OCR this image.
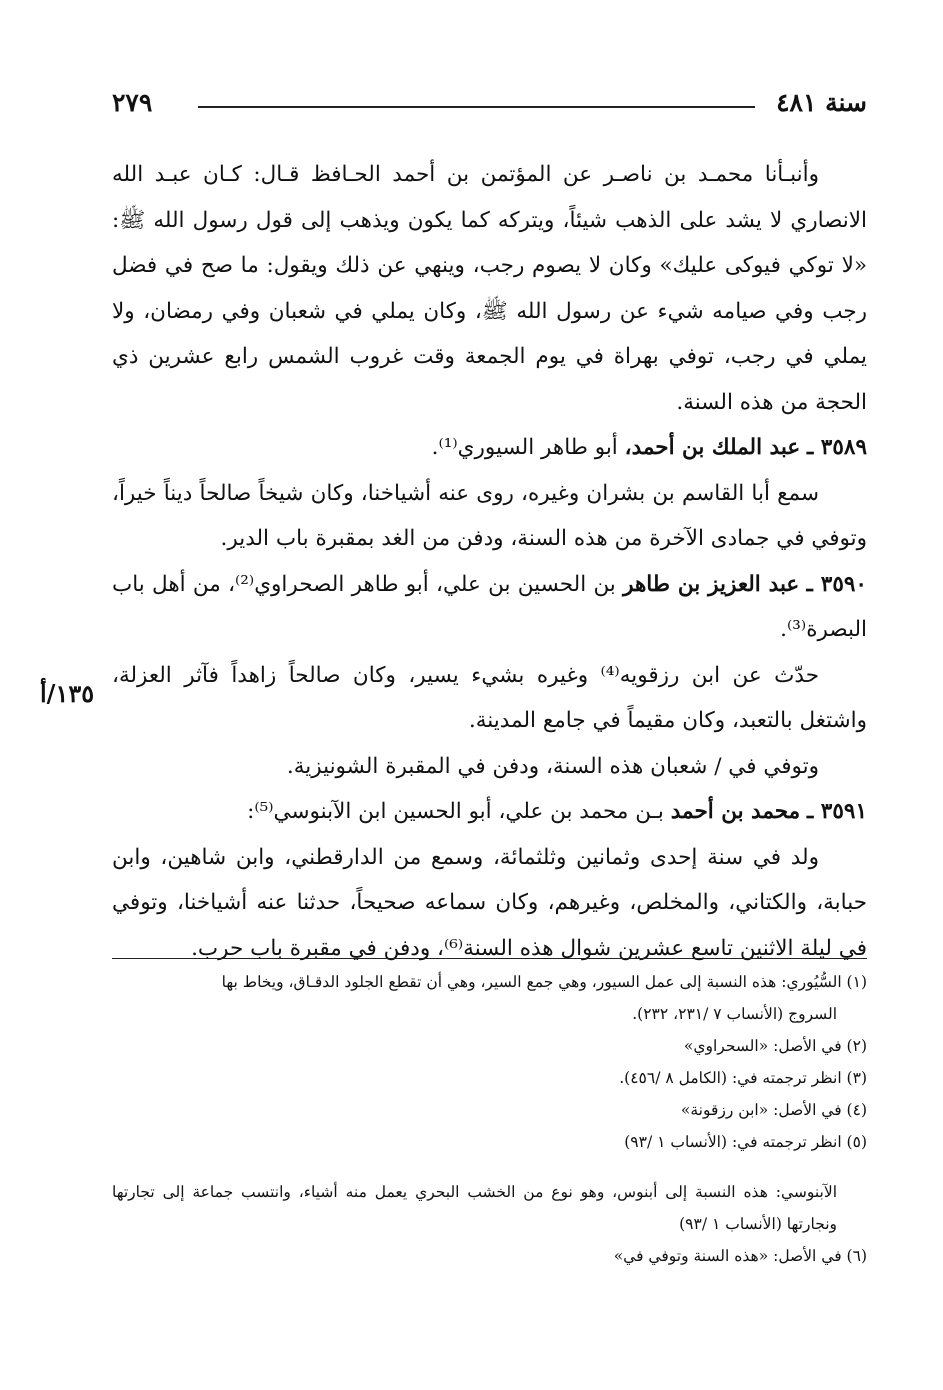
سنة ٤٨١
٢٧٩
١٣٥/أ

وأنبـأنا محمـد بن ناصـر عن المؤتمن بن أحمد الحـافظ قـال: كـان عبـد الله الانصاري لا يشد على الذهب شيئاً، ويتركه كما يكون ويذهب إلى قول رسول الله ﷺ: «لا توكي فيوكى عليك» وكان لا يصوم رجب، وينهي عن ذلك ويقول: ما صح في فضل رجب وفي صيامه شيء عن رسول الله ﷺ، وكان يملي في شعبان وفي رمضان، ولا يملي في رجب، توفي بهراة في يوم الجمعة وقت غروب الشمس رابع عشرين ذي الحجة من هذه السنة.

٣٥٨٩ ـ عبد الملك بن أحمد، أبو طاهر السيوري⁽¹⁾.

سمع أبا القاسم بن بشران وغيره، روى عنه أشياخنا، وكان شيخاً صالحاً ديناً خيراً، وتوفي في جمادى الآخرة من هذه السنة، ودفن من الغد بمقبرة باب الدير.

٣٥٩٠ ـ عبد العزيز بن طاهر بن الحسين بن علي، أبو طاهر الصحراوي⁽²⁾، من أهل باب البصرة⁽³⁾.

حدّث عن ابن رزقويه⁽⁴⁾ وغيره بشيء يسير، وكان صالحاً زاهداً فآثر العزلة، واشتغل بالتعبد، وكان مقيماً في جامع المدينة.

وتوفي في / شعبان هذه السنة، ودفن في المقبرة الشونيزية.

٣٥٩١ ـ محمد بن أحمد بـن محمد بن علي، أبو الحسين ابن الآبنوسي⁽⁵⁾:

ولد في سنة إحدى وثمانين وثلثمائة، وسمع من الدارقطني، وابن شاهين، وابن حبابة، والكتاني، والمخلص، وغيرهم، وكان سماعه صحيحاً، حدثنا عنه أشياخنا، وتوفي في ليلة الاثنين تاسع عشرين شوال هذه السنة⁽⁶⁾، ودفن في مقبرة باب حرب.

(١) السُّيُوري: هذه النسبة إلى عمل السيور، وهي جمع السير، وهي أن تقطع الجلود الدقـاق، ويخاط بها

السروج (الأنساب ٧ /٢٣١، ٢٣٢).

(٢) في الأصل: «السحراوي»

(٣) انظر ترجمته في: (الكامل ٨ /٤٥٦).

(٤) في الأصل: «ابن رزقونة»

(٥) انظر ترجمته في: (الأنساب ١ /٩٣)

الآبنوسي: هذه النسبة إلى أبنوس، وهو نوع من الخشب البحري يعمل منه أشياء، وانتسب جماعة إلى تجارتها ونجارتها (الأنساب ١ /٩٣)

(٦) في الأصل: «هذه السنة وتوفي في»
